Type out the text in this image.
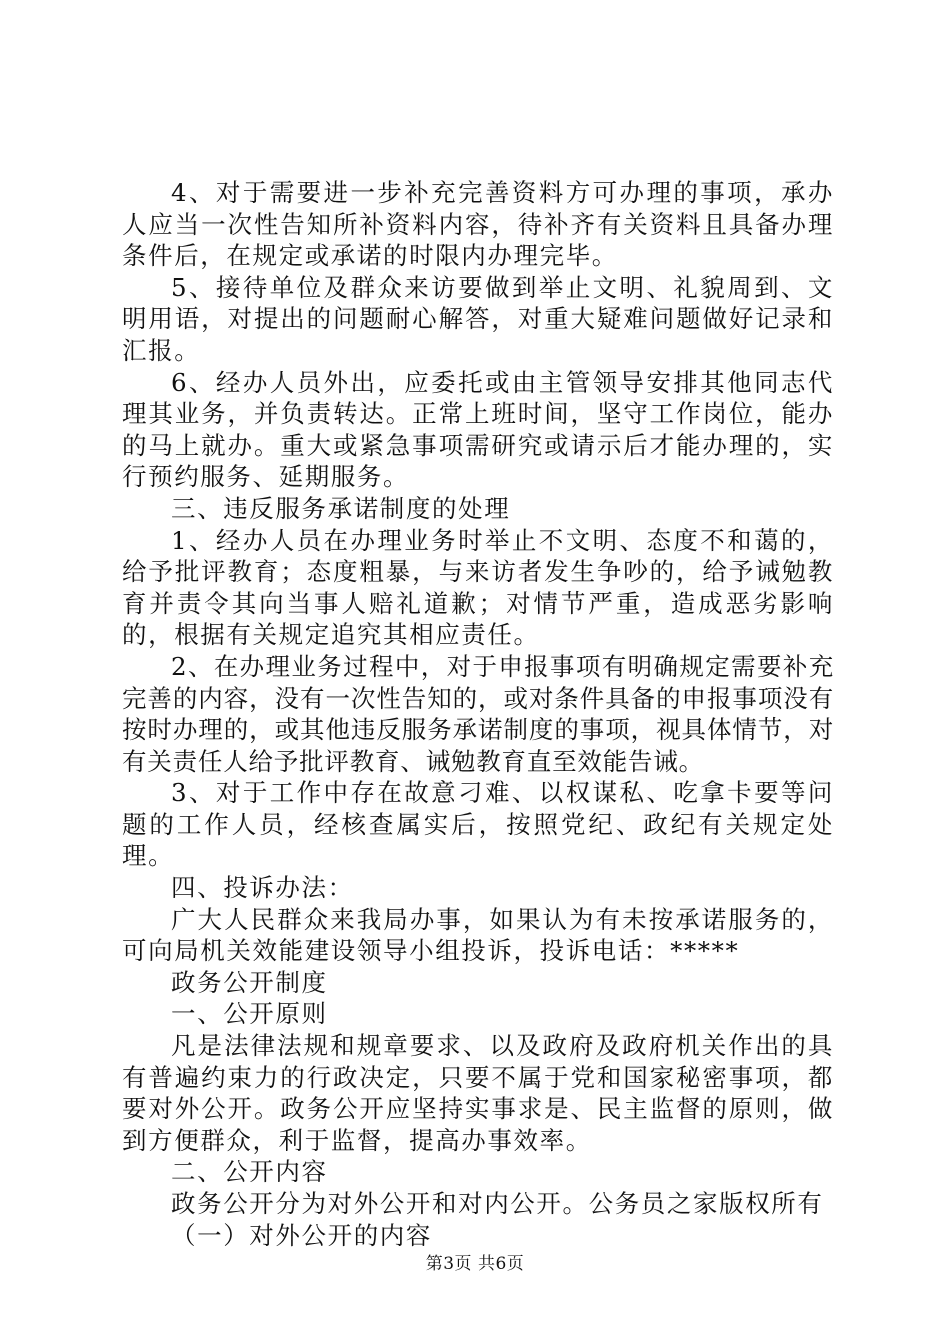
4、对于需要进一步补充完善资料方可办理的事项，承办人应当一次性告知所补资料内容，待补齐有关资料且具备办理条件后，在规定或承诺的时限内办理完毕。

5、接待单位及群众来访要做到举止文明、礼貌周到、文明用语，对提出的问题耐心解答，对重大疑难问题做好记录和汇报。

6、经办人员外出，应委托或由主管领导安排其他同志代理其业务，并负责转达。正常上班时间，坚守工作岗位，能办的马上就办。重大或紧急事项需研究或请示后才能办理的，实行预约服务、延期服务。

三、违反服务承诺制度的处理

1、经办人员在办理业务时举止不文明、态度不和蔼的，给予批评教育；态度粗暴，与来访者发生争吵的，给予诫勉教育并责令其向当事人赔礼道歉；对情节严重，造成恶劣影响的，根据有关规定追究其相应责任。

2、在办理业务过程中，对于申报事项有明确规定需要补充完善的内容，没有一次性告知的，或对条件具备的申报事项没有按时办理的，或其他违反服务承诺制度的事项，视具体情节，对有关责任人给予批评教育、诫勉教育直至效能告诫。

3、对于工作中存在故意刁难、以权谋私、吃拿卡要等问题的工作人员，经核查属实后，按照党纪、政纪有关规定处理。

四、投诉办法：

广大人民群众来我局办事，如果认为有未按承诺服务的，可向局机关效能建设领导小组投诉，投诉电话：*****

政务公开制度

一、公开原则

凡是法律法规和规章要求、以及政府及政府机关作出的具有普遍约束力的行政决定，只要不属于党和国家秘密事项，都要对外公开。政务公开应坚持实事求是、民主监督的原则，做到方便群众，利于监督，提高办事效率。

二、公开内容

政务公开分为对外公开和对内公开。公务员之家版权所有

（一）对外公开的内容

第3页 共6页
